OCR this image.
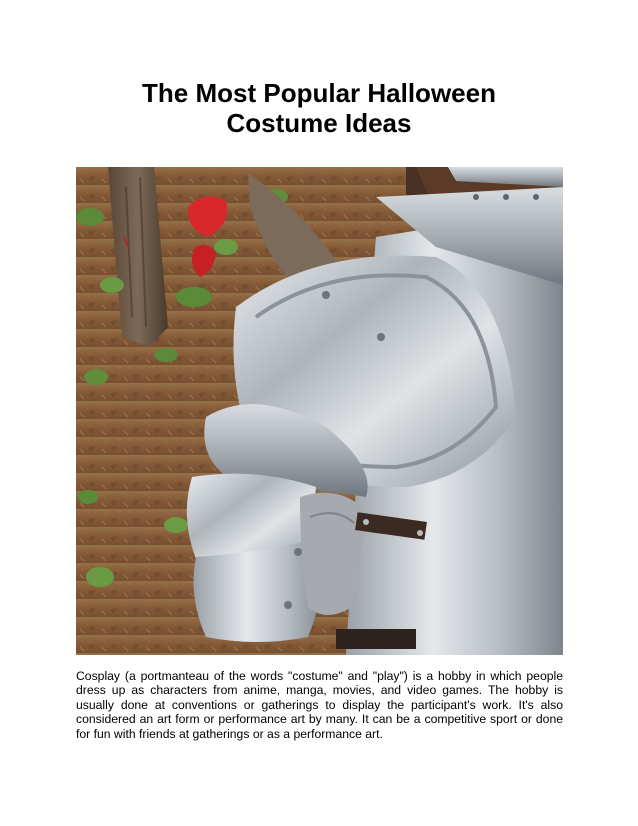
The Most Popular Halloween
Costume Ideas

Cosplay (a portmanteau of the words "costume" and "play") is a hobby in which people dress up as characters from anime, manga, movies, and video games. The hobby is usually done at conventions or gatherings to display the participant's work. It's also considered an art form or performance art by many. It can be a competitive sport or done for fun with friends at gatherings or as a performance art.
